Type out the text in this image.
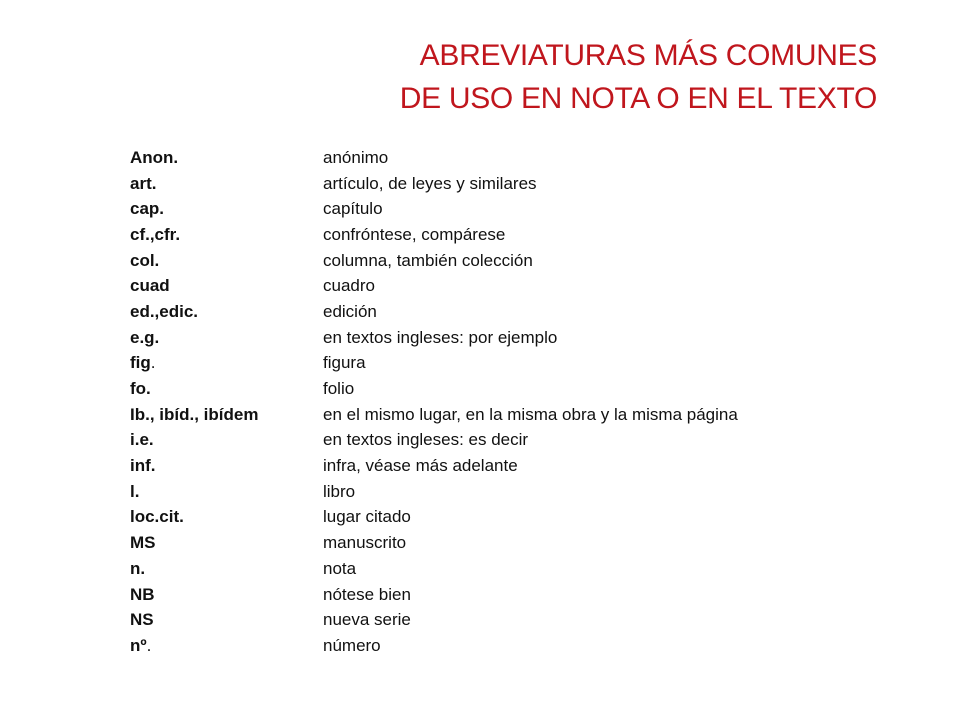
ABREVIATURAS MÁS COMUNES
DE USO EN NOTA O EN EL TEXTO
Anon.	anónimo
art.	artículo, de leyes y similares
cap.	capítulo
cf.,cfr.	confróntese, compárese
col.	columna, también colección
cuad	cuadro
ed.,edic.	edición
e.g.	en textos ingleses: por ejemplo
fig.	figura
fo.	folio
Ib., ibíd., ibídem	en el mismo lugar, en la misma obra y la misma página
i.e.	en textos ingleses: es decir
inf.	infra, véase más adelante
l.	libro
loc.cit.	lugar citado
MS	manuscrito
n.	nota
NB	nótese bien
NS	nueva serie
nº.	número
